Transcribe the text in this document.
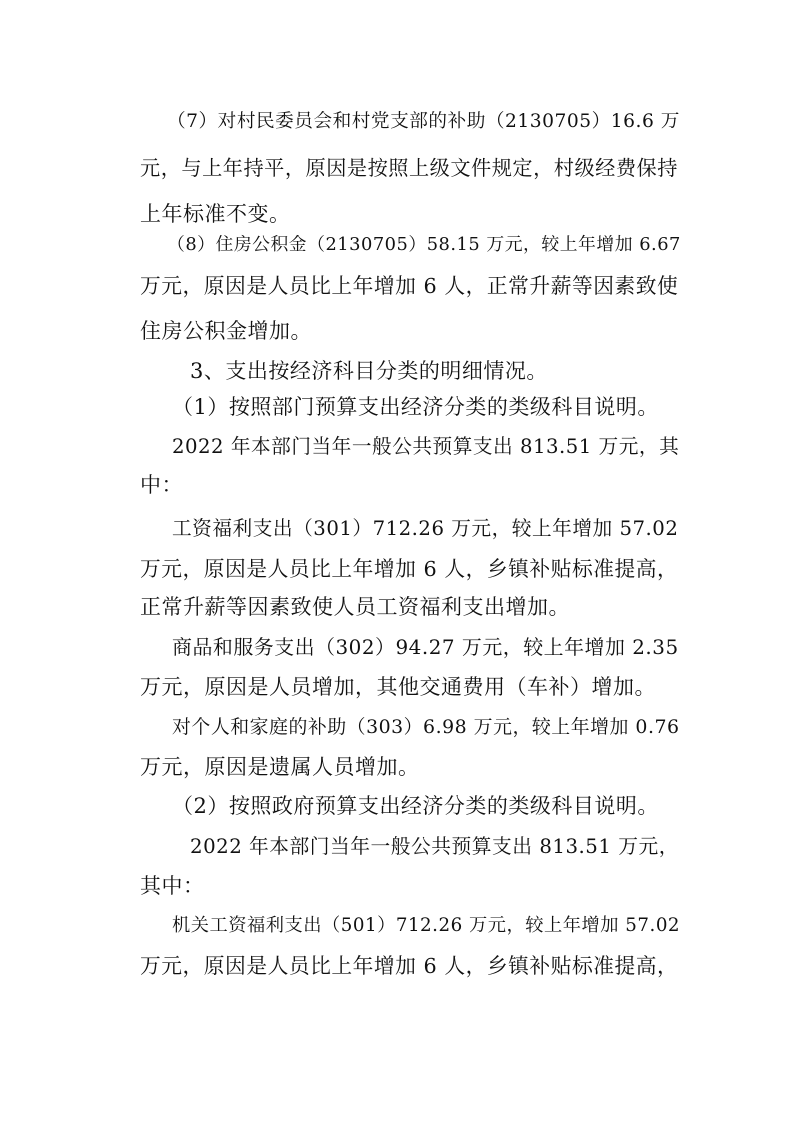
（7）对村民委员会和村党支部的补助（2130705）16.6 万
元，与上年持平，原因是按照上级文件规定，村级经费保持
上年标准不变。
（8）住房公积金（2130705）58.15 万元，较上年增加 6.67
万元，原因是人员比上年增加 6 人，正常升薪等因素致使
住房公积金增加。
3、支出按经济科目分类的明细情况。
（1）按照部门预算支出经济分类的类级科目说明。
2022 年本部门当年一般公共预算支出 813.51 万元，其
中：
工资福利支出（301）712.26 万元，较上年增加 57.02
万元，原因是人员比上年增加 6 人，乡镇补贴标准提高，
正常升薪等因素致使人员工资福利支出增加。
商品和服务支出（302）94.27 万元，较上年增加 2.35
万元，原因是人员增加，其他交通费用（车补）增加。
对个人和家庭的补助（303）6.98 万元，较上年增加 0.76
万元，原因是遗属人员增加。
（2）按照政府预算支出经济分类的类级科目说明。
2022 年本部门当年一般公共预算支出 813.51 万元，
其中：
机关工资福利支出（501）712.26 万元，较上年增加 57.02
万元，原因是人员比上年增加 6 人，乡镇补贴标准提高，
